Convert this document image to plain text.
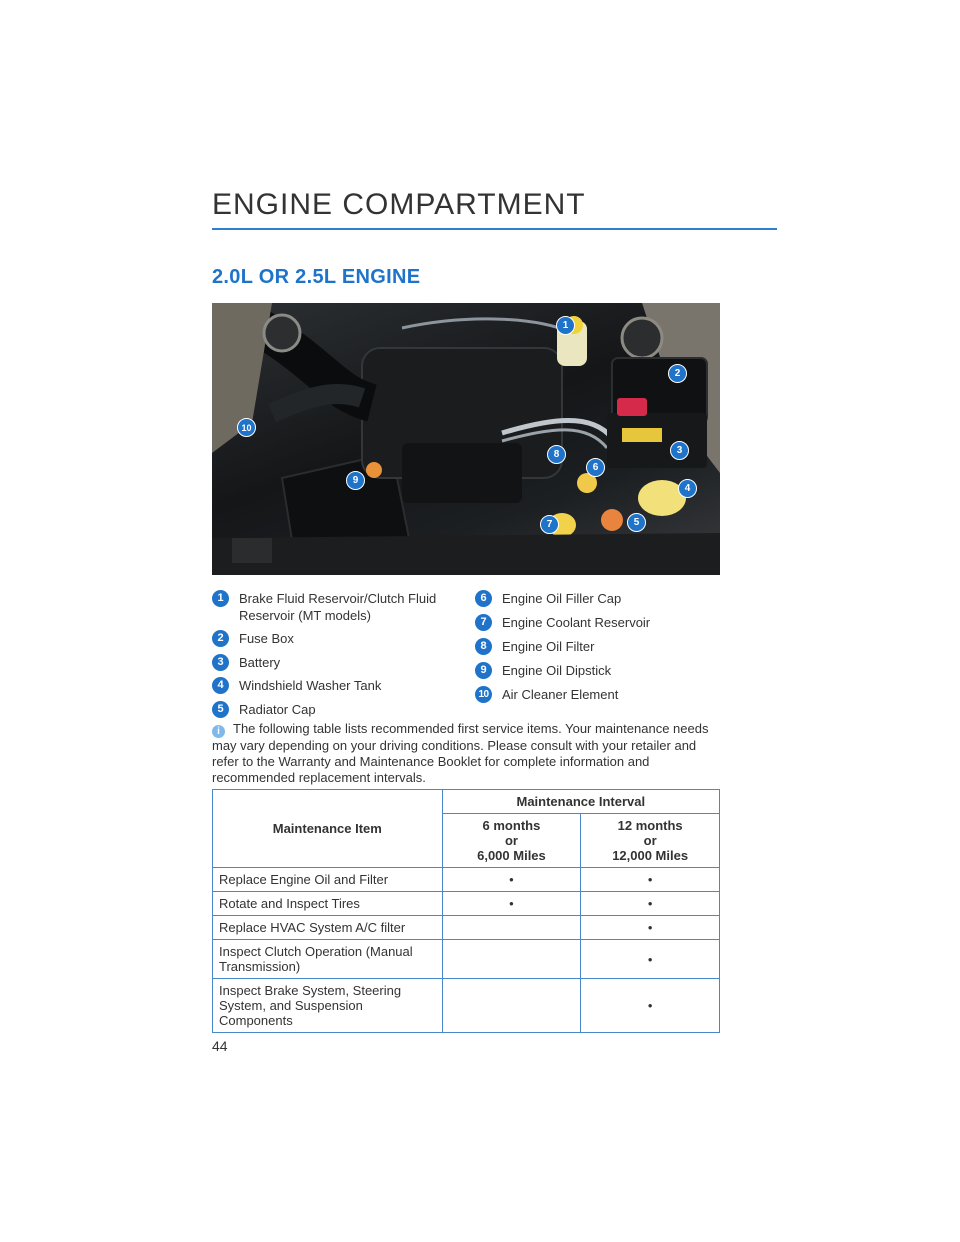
ENGINE COMPARTMENT
2.0L OR 2.5L ENGINE
1
2
3
4
5
6
7
8
9
10
1	Brake Fluid Reservoir/Clutch Fluid
Reservoir (MT models)
2	Fuse Box
3	Battery
4	Windshield Washer Tank
5	Radiator Cap
6	Engine Oil Filler Cap
7	Engine Coolant Reservoir
8	Engine Oil Filter
9	Engine Oil Dipstick
10 Air Cleaner Element
i The following table lists recommended first service items. Your maintenance needs may vary depending on your driving conditions. Please consult with your retailer and refer to the Warranty and Maintenance Booklet for complete information and recommended replacement intervals.
Maintenance Item	Maintenance Interval	
	6 months
or
6,000 Miles	12 months
or
12,000 Miles
Replace Engine Oil and Filter	•	•
Rotate and Inspect Tires	•	•
Replace HVAC System A/C filter		•
Inspect Clutch Operation (Manual
Transmission)		•
Inspect Brake System, Steering
System, and Suspension Components		•
44
